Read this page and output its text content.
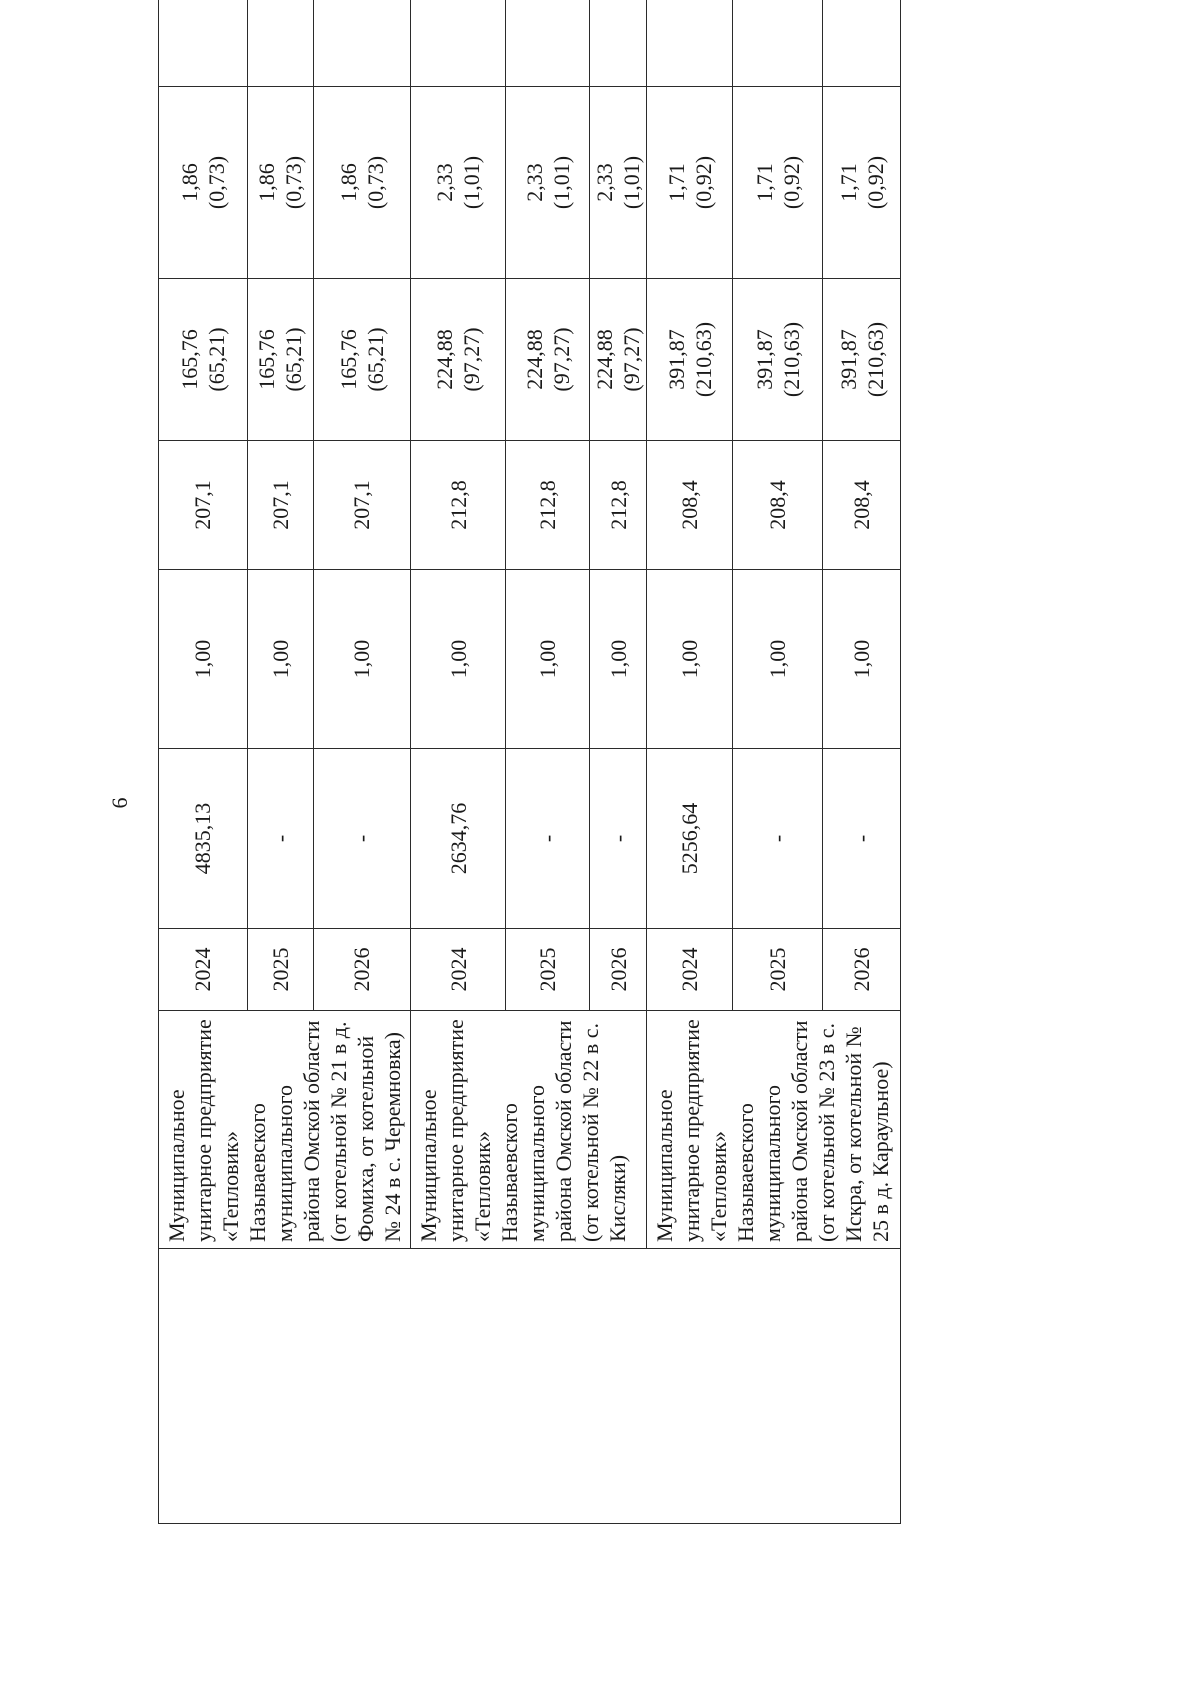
6
	Муниципальное унитарное предприятие «Тепловик» Называевского муниципального района Омской области (от котельной № 21 в д. Фомиха, от котельной № 24 в с. Черемновка)	2024	4835,13	1,00	207,1	165,76 (65,21)	1,86 (0,73)

		2025	-	1,00	207,1	165,76 (65,21)	1,86 (0,73)

		2026	-	1,00	207,1	165,76 (65,21)	1,86 (0,73)

	Муниципальное унитарное предприятие «Тепловик» Называевского муниципального района Омской области (от котельной № 22 в с. Кисляки)	2024	2634,76	1,00	212,8	224,88 (97,27)	2,33 (1,01)

		2025	-	1,00	212,8	224,88 (97,27)	2,33 (1,01)

		2026	-	1,00	212,8	224,88 (97,27)	2,33 (1,01)

	Муниципальное унитарное предприятие «Тепловик» Называевского муниципального района Омской области (от котельной № 23 в с. Искра, от котельной № 25 в д. Караульное)	2024	5256,64	1,00	208,4	391,87 (210,63)	1,71 (0,92)

		2025	-	1,00	208,4	391,87 (210,63)	1,71 (0,92)

		2026	-	1,00	208,4	391,87 (210,63)	1,71 (0,92)
